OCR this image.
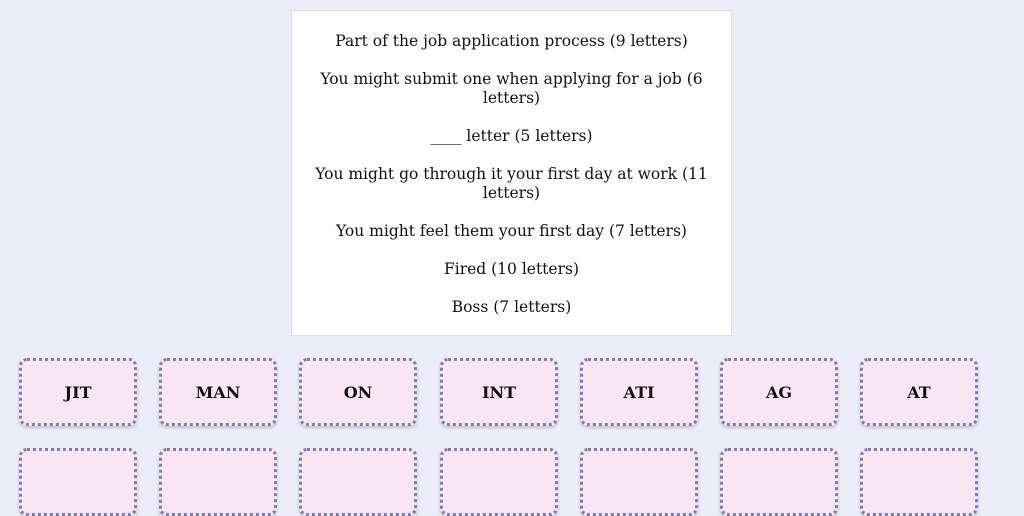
Part of the job application process (9 letters)

You might submit one when applying for a job (6 letters)

____ letter (5 letters)

You might go through it your first day at work (11 letters)

You might feel them your first day (7 letters)

Fired (10 letters)

Boss (7 letters)

JIT	MAN	ON	INT	ATI	AG	AT
